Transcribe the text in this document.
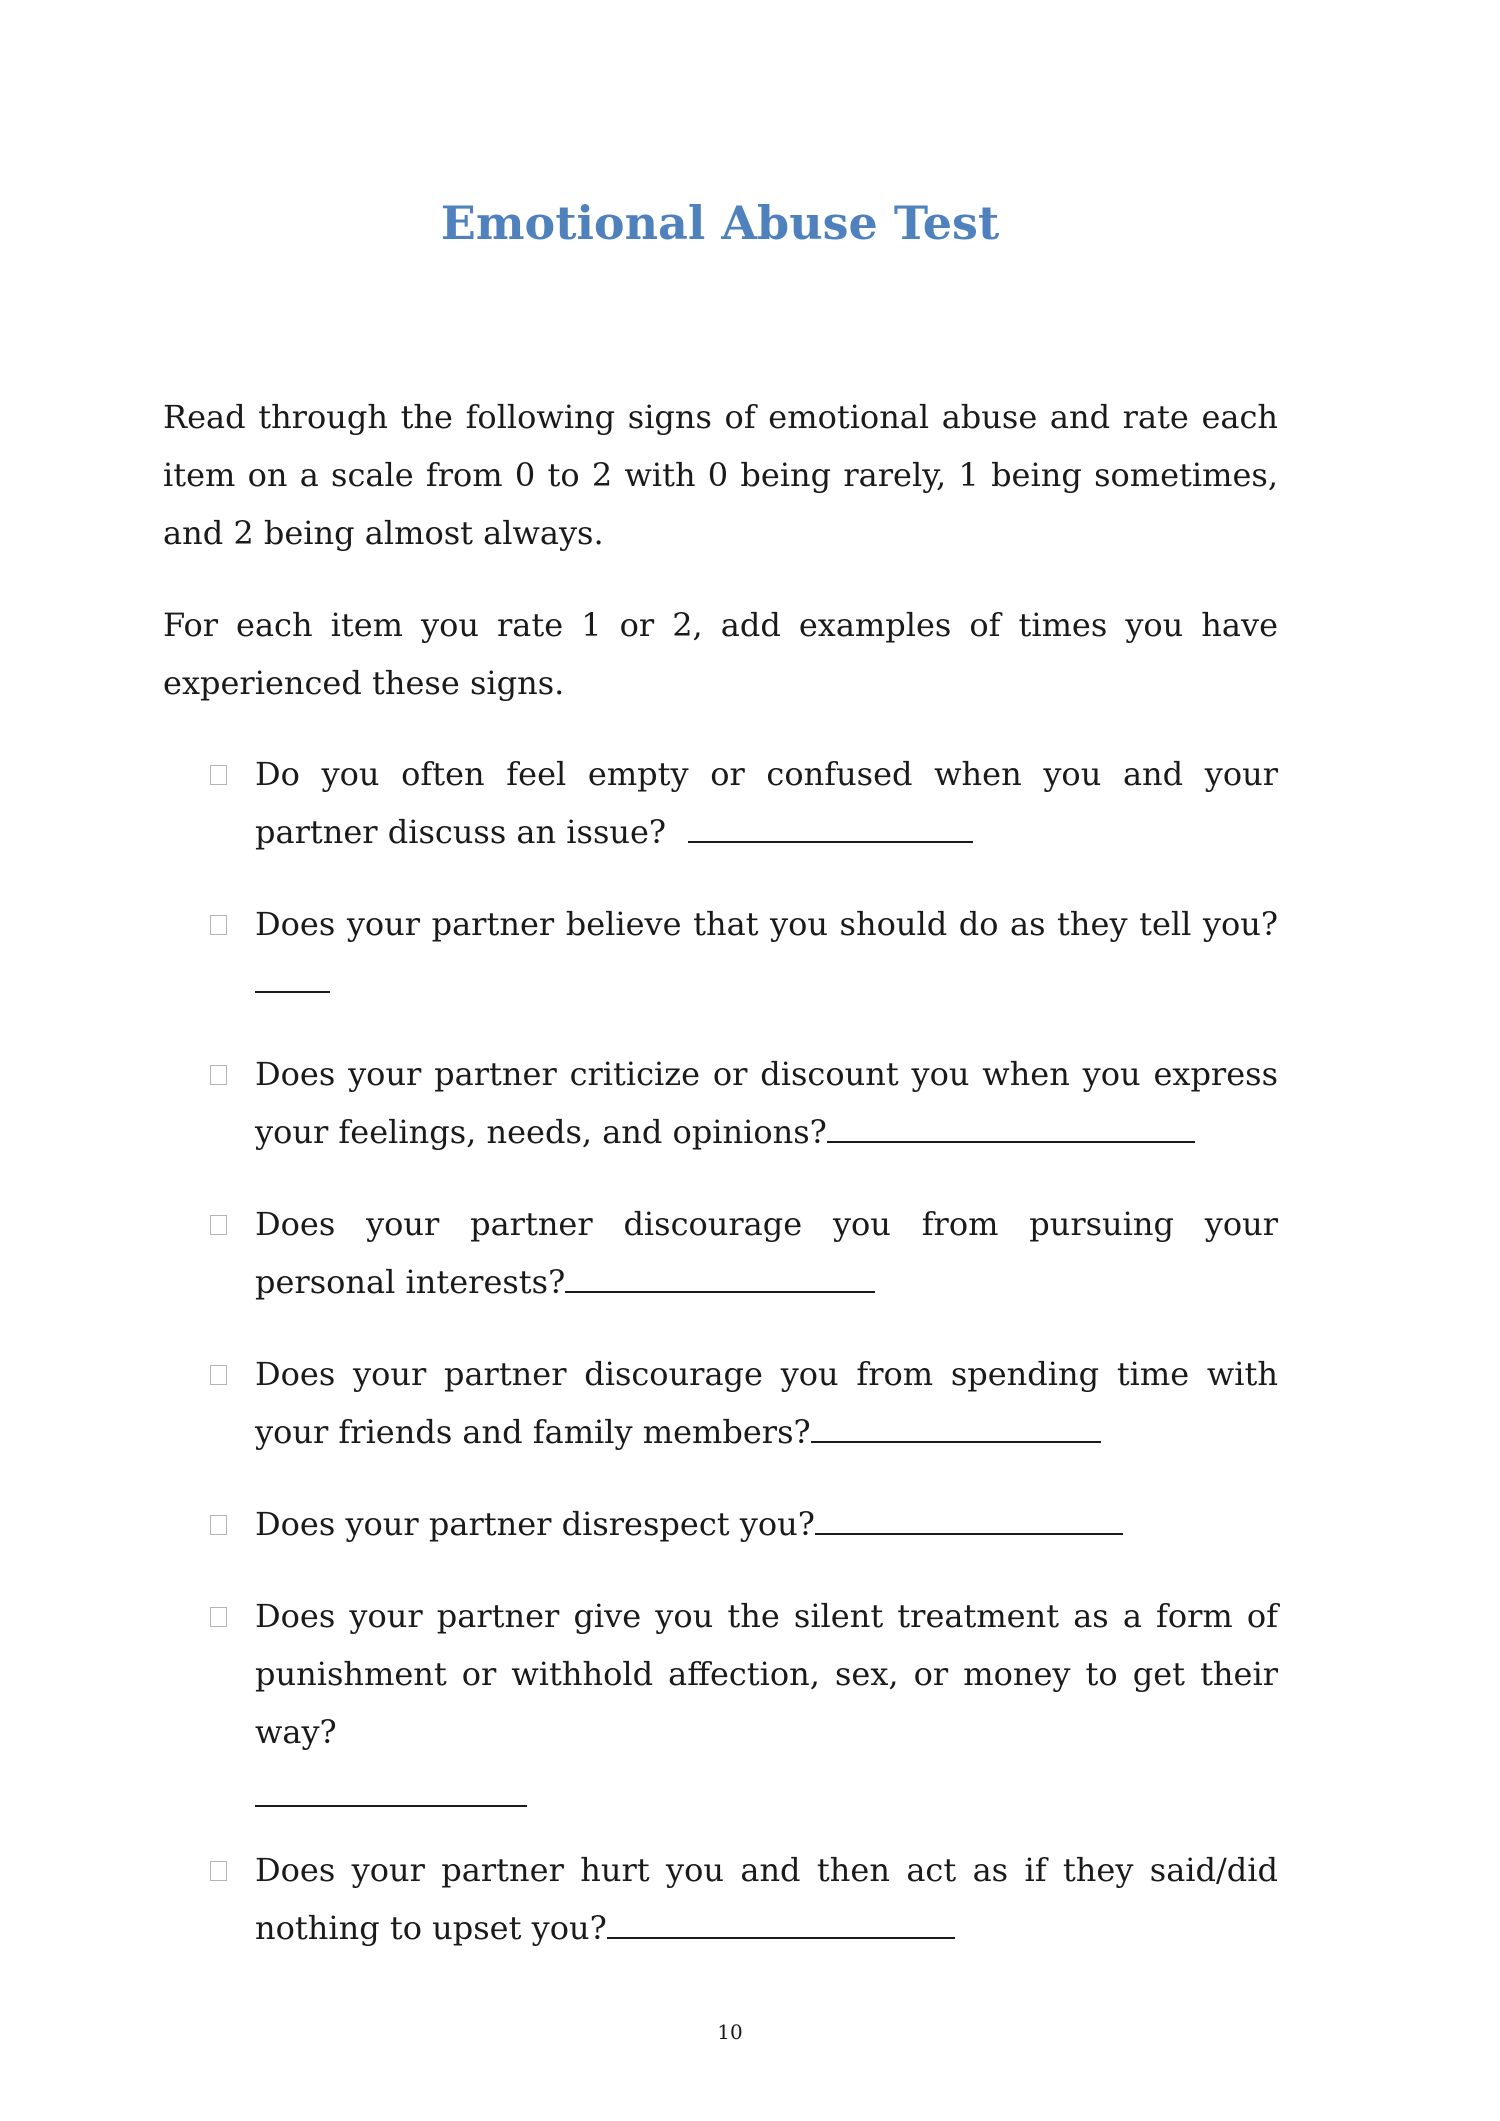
Emotional Abuse Test

Read through the following signs of emotional abuse and rate each item on a scale from 0 to 2 with 0 being rarely, 1 being sometimes, and 2 being almost always.

For each item you rate 1 or 2, add examples of times you have experienced these signs.

Do you often feel empty or confused when you and your partner discuss an issue?
Does your partner believe that you should do as they tell you?
Does your partner criticize or discount you when you express your feelings, needs, and opinions?
Does your partner discourage you from pursuing your personal interests?
Does your partner discourage you from spending time with your friends and family members?
Does your partner disrespect you?
Does your partner give you the silent treatment as a form of punishment or withhold affection, sex, or money to get their way?
Does your partner hurt you and then act as if they said/did nothing to upset you?

10
